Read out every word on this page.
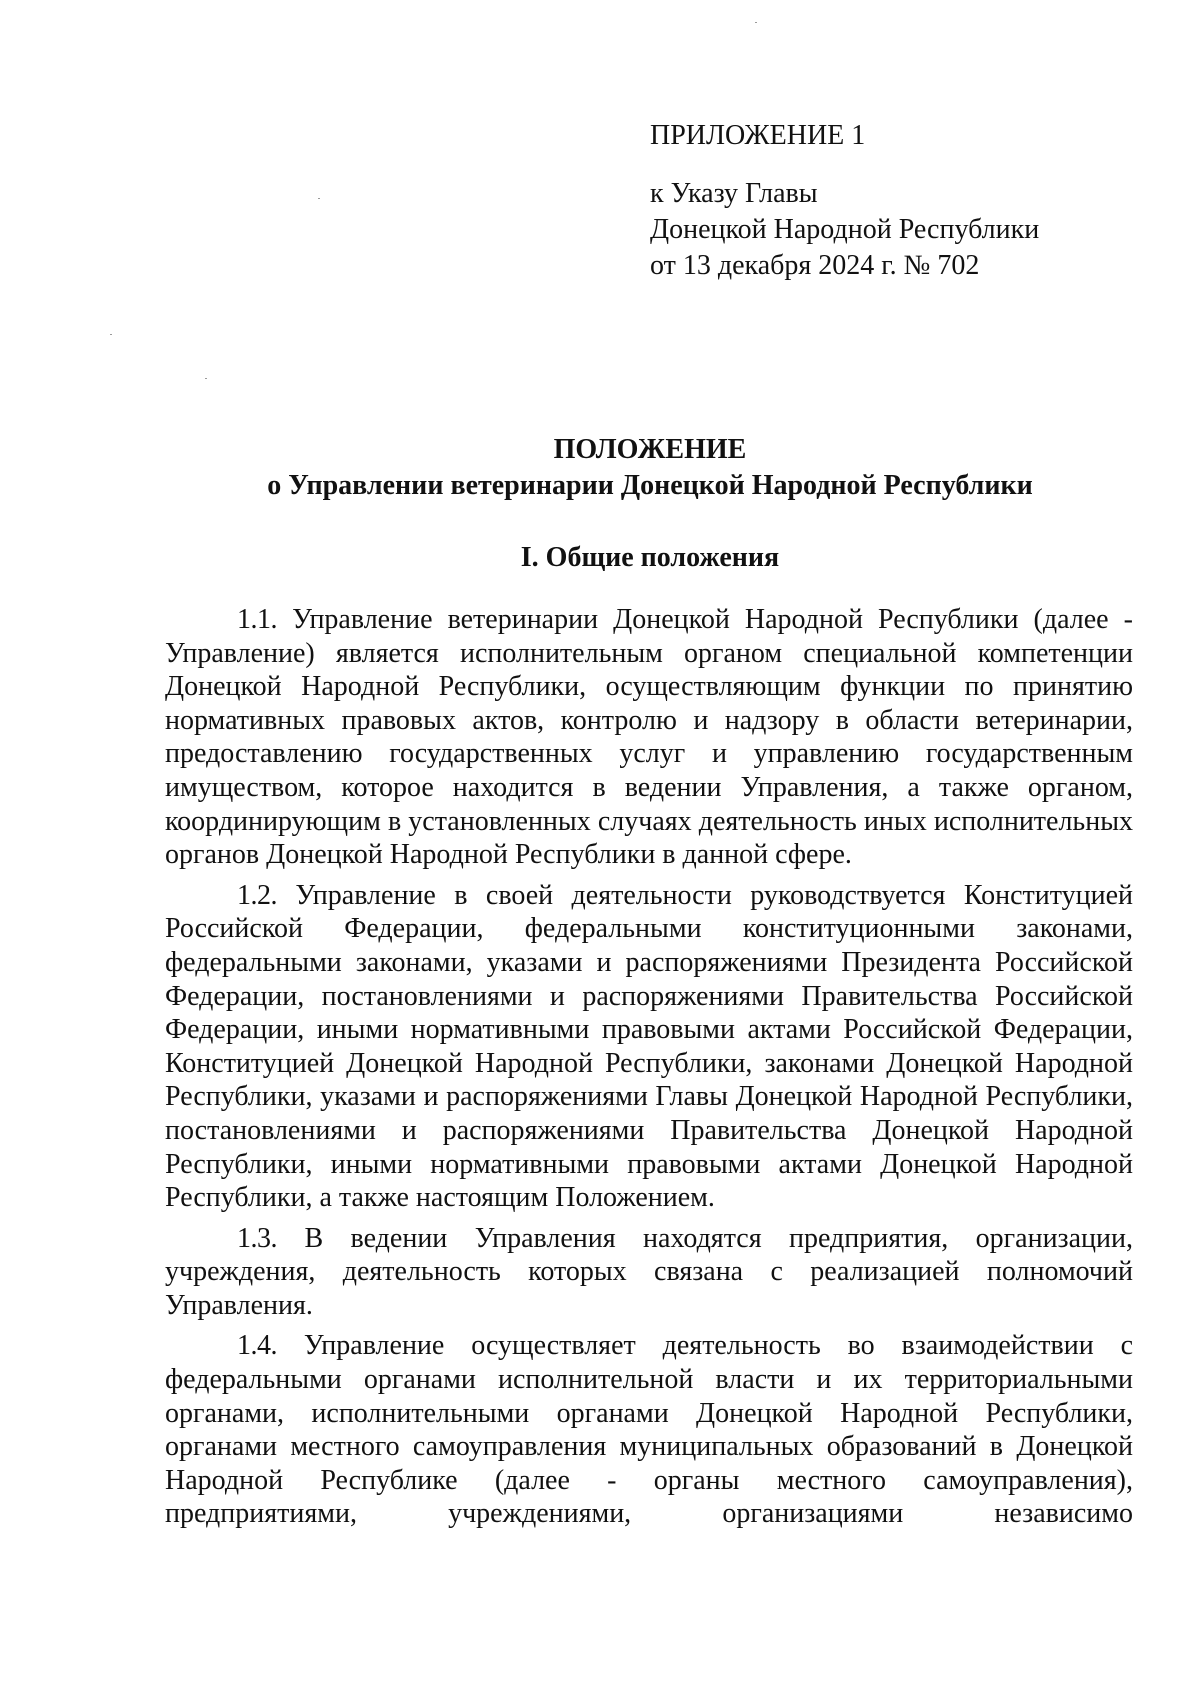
ПРИЛОЖЕНИЕ 1
к Указу Главы
Донецкой Народной Республики
от 13 декабря 2024 г. № 702
ПОЛОЖЕНИЕ
о Управлении ветеринарии Донецкой Народной Республики
I. Общие положения

1.1. Управление ветеринарии Донецкой Народной Республики (далее - Управление) является исполнительным органом специальной компетенции Донецкой Народной Республики, осуществляющим функции по принятию нормативных правовых актов, контролю и надзору в области ветеринарии, предоставлению государственных услуг и управлению государственным имуществом, которое находится в ведении Управления, а также органом, координирующим в установленных случаях деятельность иных исполнительных органов Донецкой Народной Республики в данной сфере.

1.2. Управление в своей деятельности руководствуется Конституцией Российской Федерации, федеральными конституционными законами, федеральными законами, указами и распоряжениями Президента Российской Федерации, постановлениями и распоряжениями Правительства Российской Федерации, иными нормативными правовыми актами Российской Федерации, Конституцией Донецкой Народной Республики, законами Донецкой Народной Республики, указами и распоряжениями Главы Донецкой Народной Республики, постановлениями и распоряжениями Правительства Донецкой Народной Республики, иными нормативными правовыми актами Донецкой Народной Республики, а также настоящим Положением.

1.3. В ведении Управления находятся предприятия, организации, учреждения, деятельность которых связана с реализацией полномочий Управления.

1.4. Управление осуществляет деятельность во взаимодействии с федеральными органами исполнительной власти и их территориальными органами, исполнительными органами Донецкой Народной Республики, органами местного самоуправления муниципальных образований в Донецкой Народной Республике (далее - органы местного самоуправления), предприятиями, учреждениями, организациями независимо
